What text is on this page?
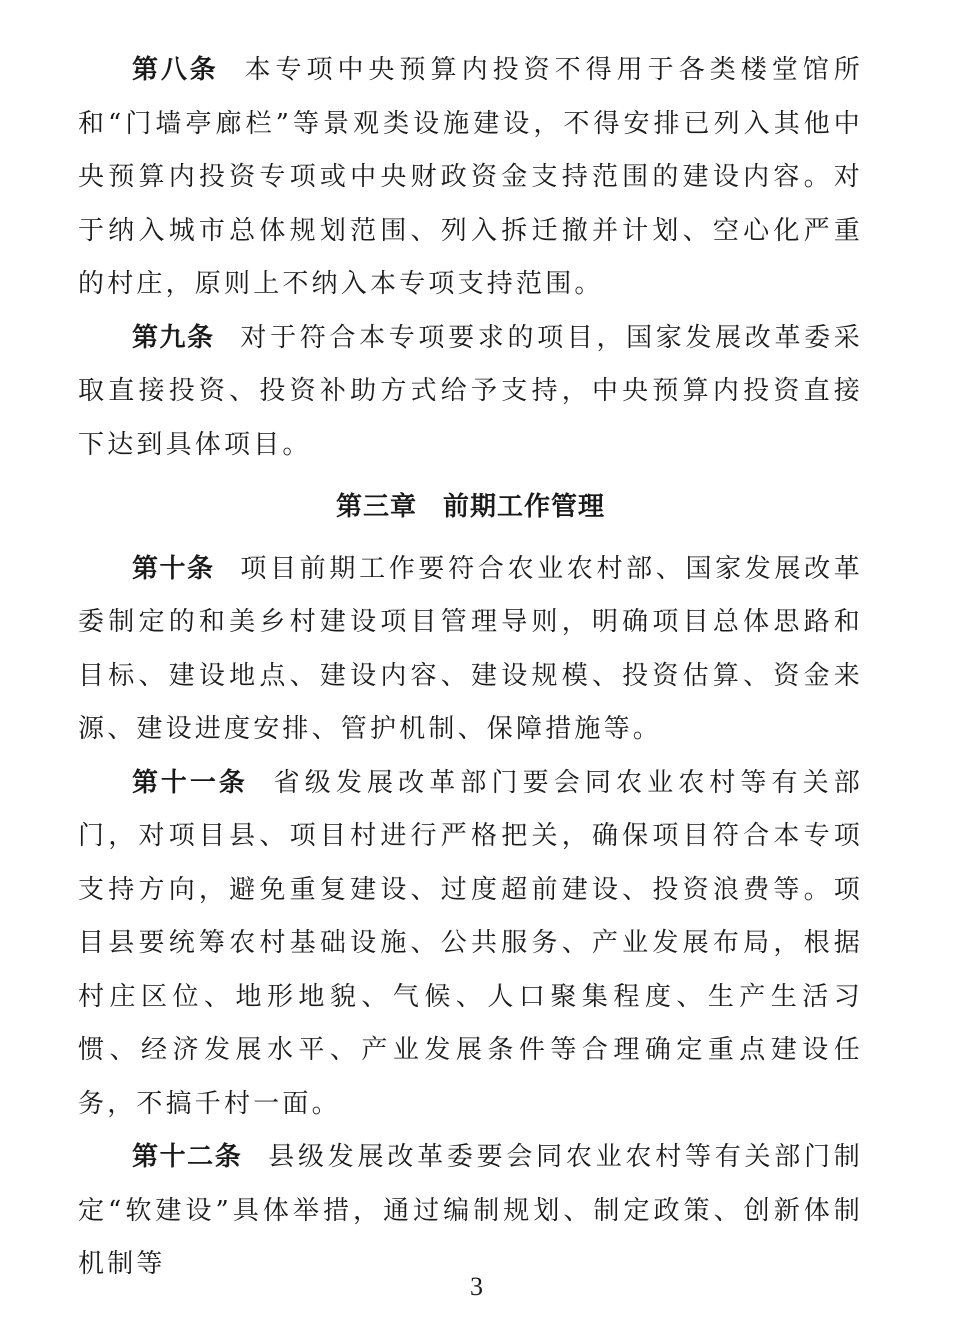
第八条 本专项中央预算内投资不得用于各类楼堂馆所和“门墙亭廊栏”等景观类设施建设，不得安排已列入其他中央预算内投资专项或中央财政资金支持范围的建设内容。对于纳入城市总体规划范围、列入拆迁撤并计划、空心化严重的村庄，原则上不纳入本专项支持范围。

第九条 对于符合本专项要求的项目，国家发展改革委采取直接投资、投资补助方式给予支持，中央预算内投资直接下达到具体项目。

第三章 前期工作管理

第十条 项目前期工作要符合农业农村部、国家发展改革委制定的和美乡村建设项目管理导则，明确项目总体思路和目标、建设地点、建设内容、建设规模、投资估算、资金来源、建设进度安排、管护机制、保障措施等。

第十一条 省级发展改革部门要会同农业农村等有关部门，对项目县、项目村进行严格把关，确保项目符合本专项支持方向，避免重复建设、过度超前建设、投资浪费等。项目县要统筹农村基础设施、公共服务、产业发展布局，根据村庄区位、地形地貌、气候、人口聚集程度、生产生活习惯、经济发展水平、产业发展条件等合理确定重点建设任务，不搞千村一面。

第十二条 县级发展改革委要会同农业农村等有关部门制定“软建设”具体举措，通过编制规划、制定政策、创新体制机制等

3
